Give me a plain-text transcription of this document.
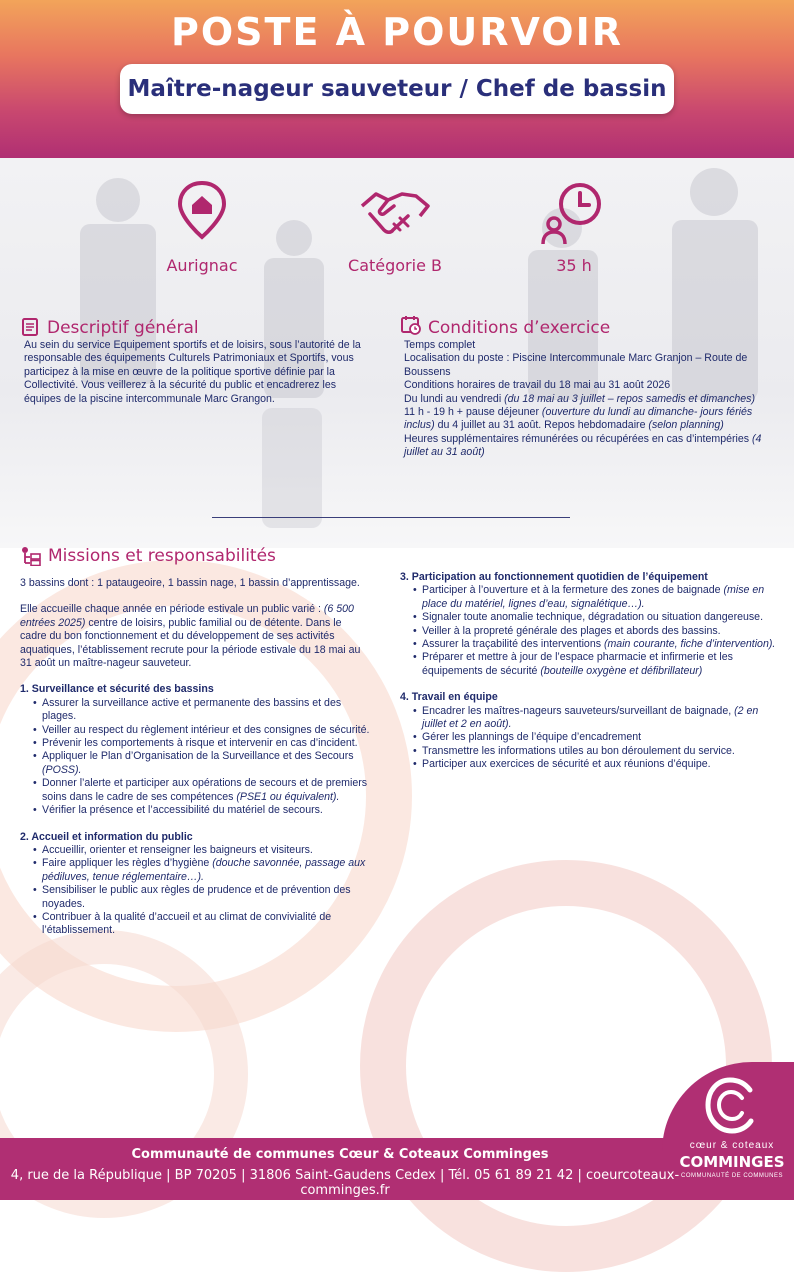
POSTE À POURVOIR
Maître-nageur sauveteur / Chef de bassin
Aurignac	Catégorie B	35 h
Descriptif général
Au sein du service Equipement sportifs et de loisirs, sous l’autorité de la responsable des équipements Culturels Patrimoniaux et Sportifs, vous participez à la mise en œuvre de la politique sportive définie par la Collectivité. Vous veillerez à la sécurité du public et encadrerez les équipes de la piscine intercommunale Marc Grangon.
Conditions d’exercice

Temps complet

Localisation du poste : Piscine Intercommunale Marc Granjon – Route de Boussens

Conditions horaires de travail du 18 mai au 31 août 2026

Du lundi au vendredi (du 18 mai au 3 juillet – repos samedis et dimanches)

11 h - 19 h + pause déjeuner (ouverture du lundi au dimanche- jours fériés inclus) du 4 juillet au 31 août. Repos hebdomadaire (selon planning)

Heures supplémentaires rémunérées ou récupérées en cas d’intempéries (4 juillet au 31 août)

Missions et responsabilités

3 bassins dont : 1 pataugeoire, 1 bassin nage, 1 bassin d’apprentissage.

Elle accueille chaque année en période estivale un public varié : (6 500 entrées 2025) centre de loisirs, public familial ou de détente. Dans le cadre du bon fonctionnement et du développement de ses activités aquatiques, l’établissement recrute pour la période estivale du 18 mai au 31 août un maître-nageur sauveteur.

1. Surveillance et sécurité des bassins
• Assurer la surveillance active et permanente des bassins et des plages.
• Veiller au respect du règlement intérieur et des consignes de sécurité.
• Prévenir les comportements à risque et intervenir en cas d’incident.
• Appliquer le Plan d’Organisation de la Surveillance et des Secours (POSS).
• Donner l’alerte et participer aux opérations de secours et de premiers soins dans le cadre de ses compétences (PSE1 ou équivalent).
• Vérifier la présence et l’accessibilité du matériel de secours.
2. Accueil et information du public
• Accueillir, orienter et renseigner les baigneurs et visiteurs.
• Faire appliquer les règles d’hygiène (douche savonnée, passage aux pédiluves, tenue réglementaire…).
• Sensibiliser le public aux règles de prudence et de prévention des noyades.
• Contribuer à la qualité d’accueil et au climat de convivialité de l’établissement.
3. Participation au fonctionnement quotidien de l’équipement
• Participer à l’ouverture et à la fermeture des zones de baignade (mise en place du matériel, lignes d’eau, signalétique…).
• Signaler toute anomalie technique, dégradation ou situation dangereuse.
• Veiller à la propreté générale des plages et abords des bassins.
• Assurer la traçabilité des interventions (main courante, fiche d’intervention).
• Préparer et mettre à jour de l’espace pharmacie et infirmerie et les équipements de sécurité (bouteille oxygène et défibrillateur)
4. Travail en équipe
• Encadrer les maîtres-nageurs sauveteurs/surveillant de baignade, (2 en juillet et 2 en août).
• Gérer les plannings de l’équipe d’encadrement
• Transmettre les informations utiles au bon déroulement du service.
• Participer aux exercices de sécurité et aux réunions d’équipe.
cœur & coteaux
COMMINGES
COMMUNAUTÉ DE COMMUNES
Communauté de communes Cœur & Coteaux Comminges
4, rue de la République | BP 70205 | 31806 Saint-Gaudens Cedex | Tél. 05 61 89 21 42 | coeurcoteaux-comminges.fr
